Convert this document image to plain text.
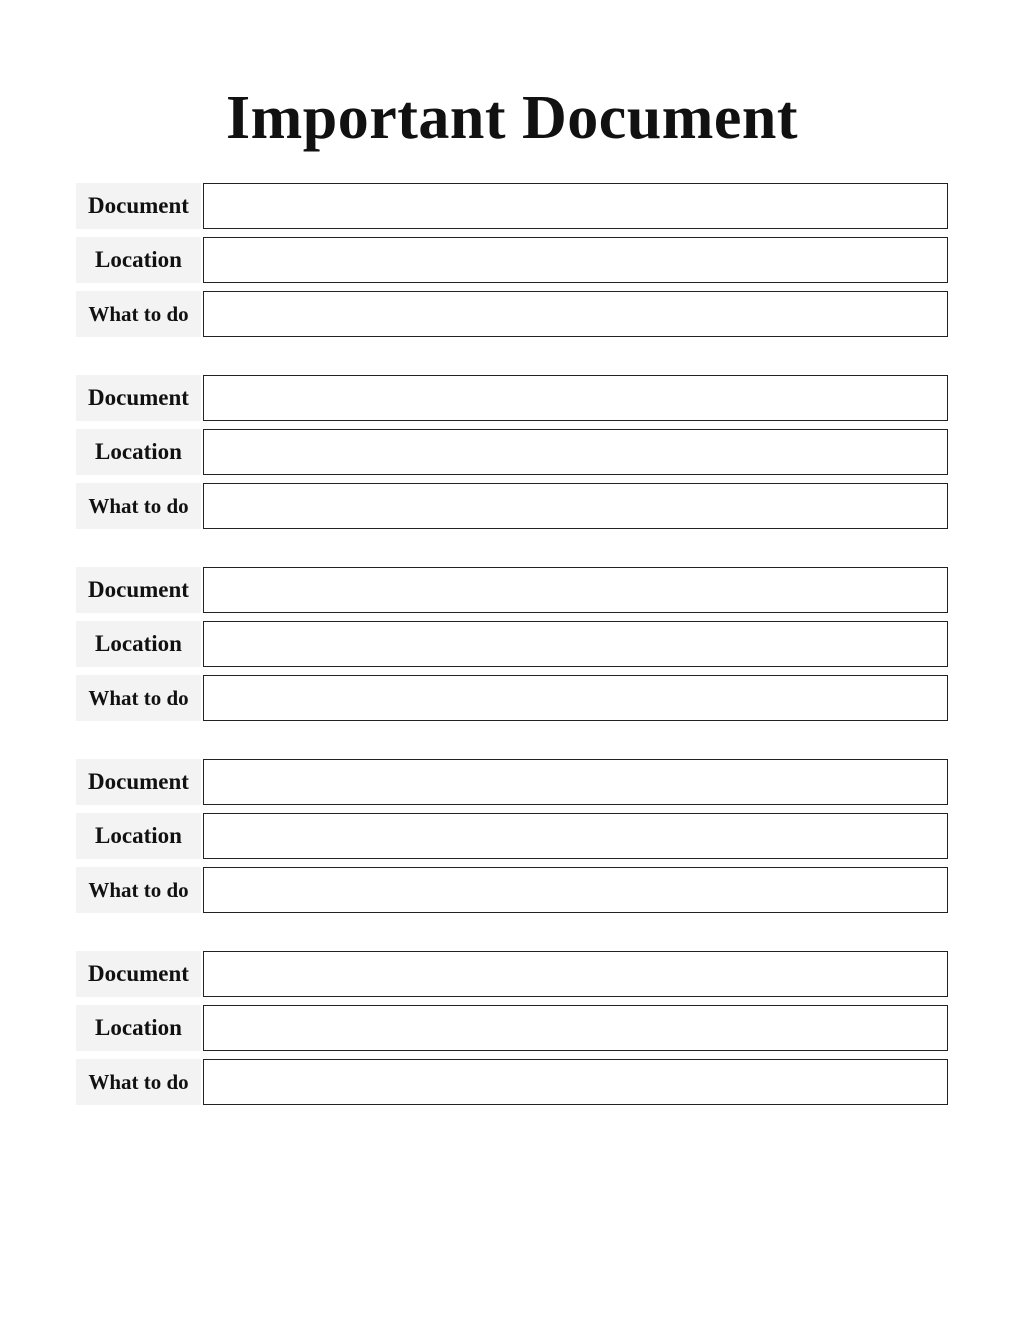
Important Document
Document
Location
What to do
Document
Location
What to do
Document
Location
What to do
Document
Location
What to do
Document
Location
What to do
